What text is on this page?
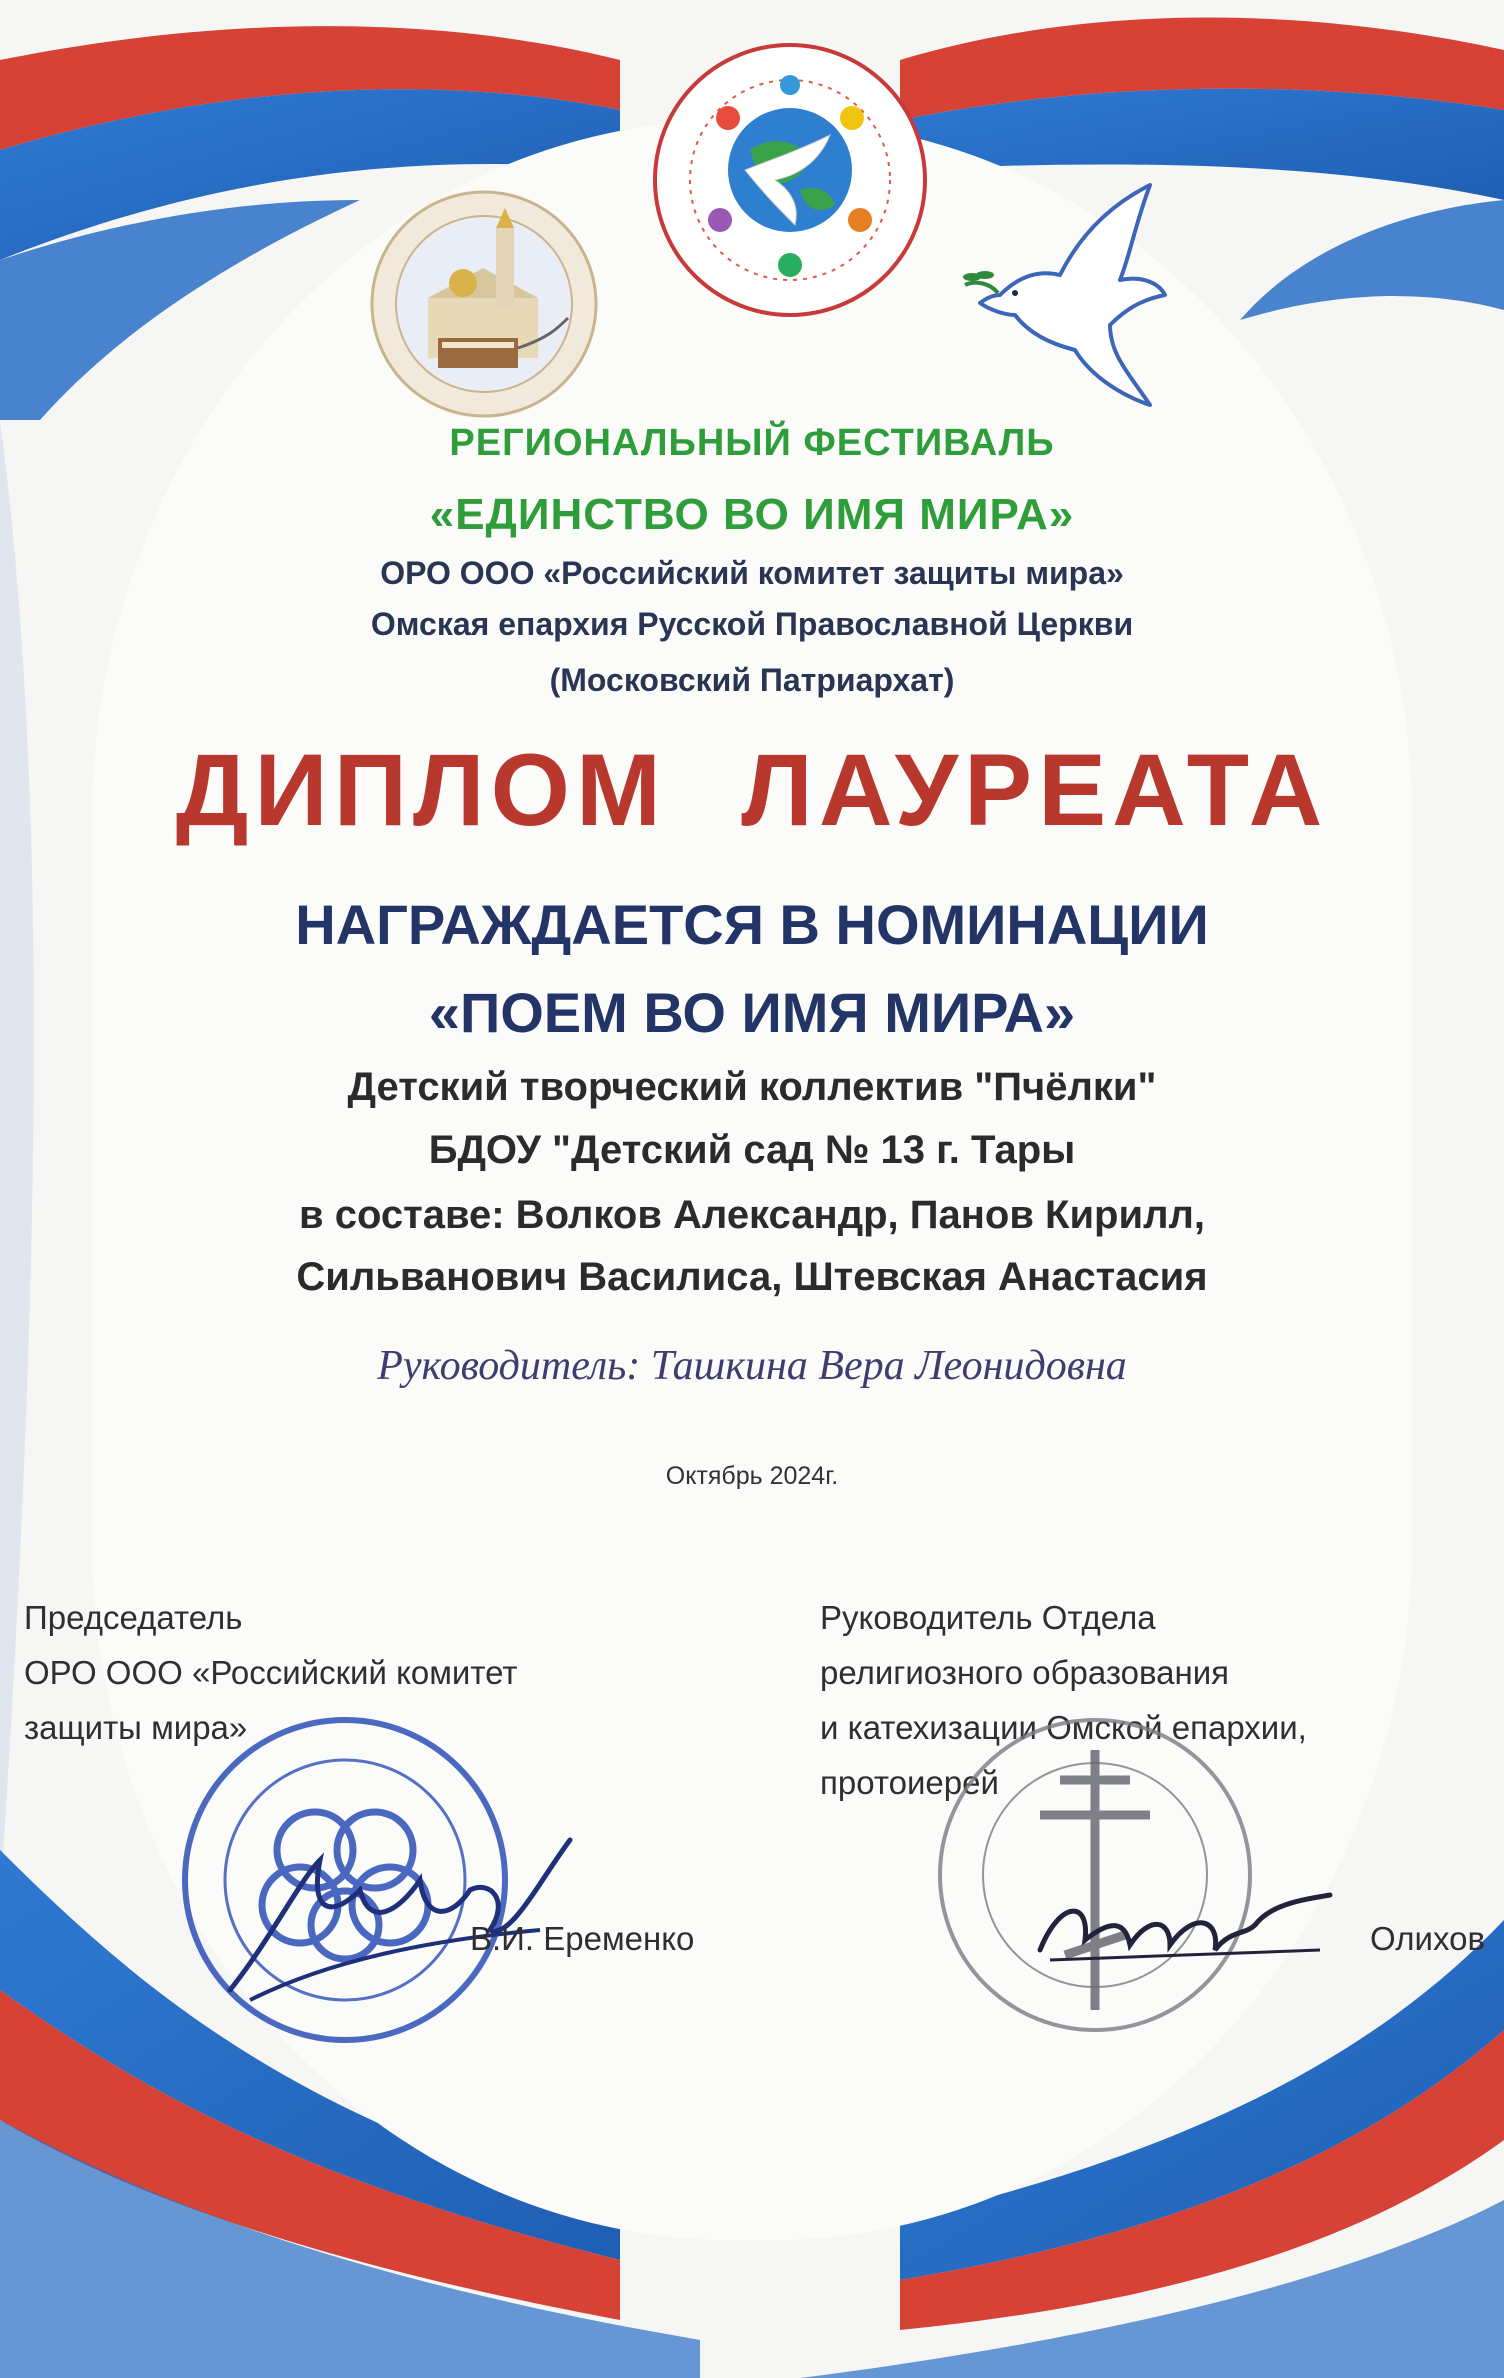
РЕГИОНАЛЬНЫЙ ФЕСТИВАЛЬ

«ЕДИНСТВО ВО ИМЯ МИРА»

ОРО ООО «Российский комитет защиты мира»

Омская епархия Русской Православной Церкви

(Московский Патриархат)

ДИПЛОМ ЛАУРЕАТА

НАГРАЖДАЕТСЯ В НОМИНАЦИИ

«ПОЕМ ВО ИМЯ МИРА»

Детский творческий коллектив "Пчёлки"

БДОУ "Детский сад № 13 г. Тары

в составе: Волков Александр, Панов Кирилл,

Сильванович Василиса, Штевская Анастасия

Руководитель: Ташкина Вера Леонидовна

Октябрь 2024г.

Председатель
ОРО ООО «Российский комитет
защиты мира»
Руководитель Отдела
религиозного образования
и катехизации Омской епархии,
протоиерей

В.И. Еременко	Олихов
